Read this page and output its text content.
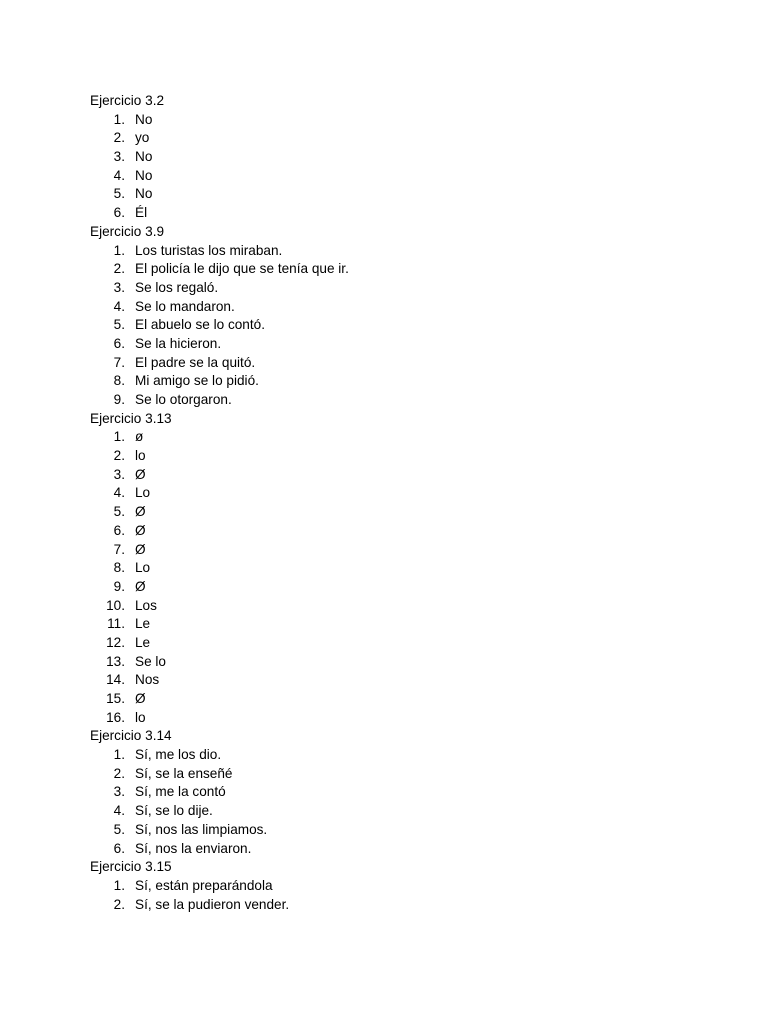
Ejercicio 3.2
1. No
2. yo
3. No
4. No
5. No
6. Él
Ejercicio 3.9
1. Los turistas los miraban.
2. El policía le dijo que se tenía que ir.
3. Se los regaló.
4. Se lo mandaron.
5. El abuelo se lo contó.
6. Se la hicieron.
7. El padre se la quitó.
8. Mi amigo se lo pidió.
9. Se lo otorgaron.
Ejercicio 3.13
1. ø
2. lo
3. Ø
4. Lo
5. Ø
6. Ø
7. Ø
8. Lo
9. Ø
10. Los
11. Le
12. Le
13. Se lo
14. Nos
15. Ø
16. lo
Ejercicio 3.14
1. Sí, me los dio.
2. Sí, se la enseñé
3. Sí, me la contó
4. Sí, se lo dije.
5. Sí, nos las limpiamos.
6. Sí, nos la enviaron.
Ejercicio 3.15
1. Sí, están preparándola
2. Sí, se la pudieron vender.
